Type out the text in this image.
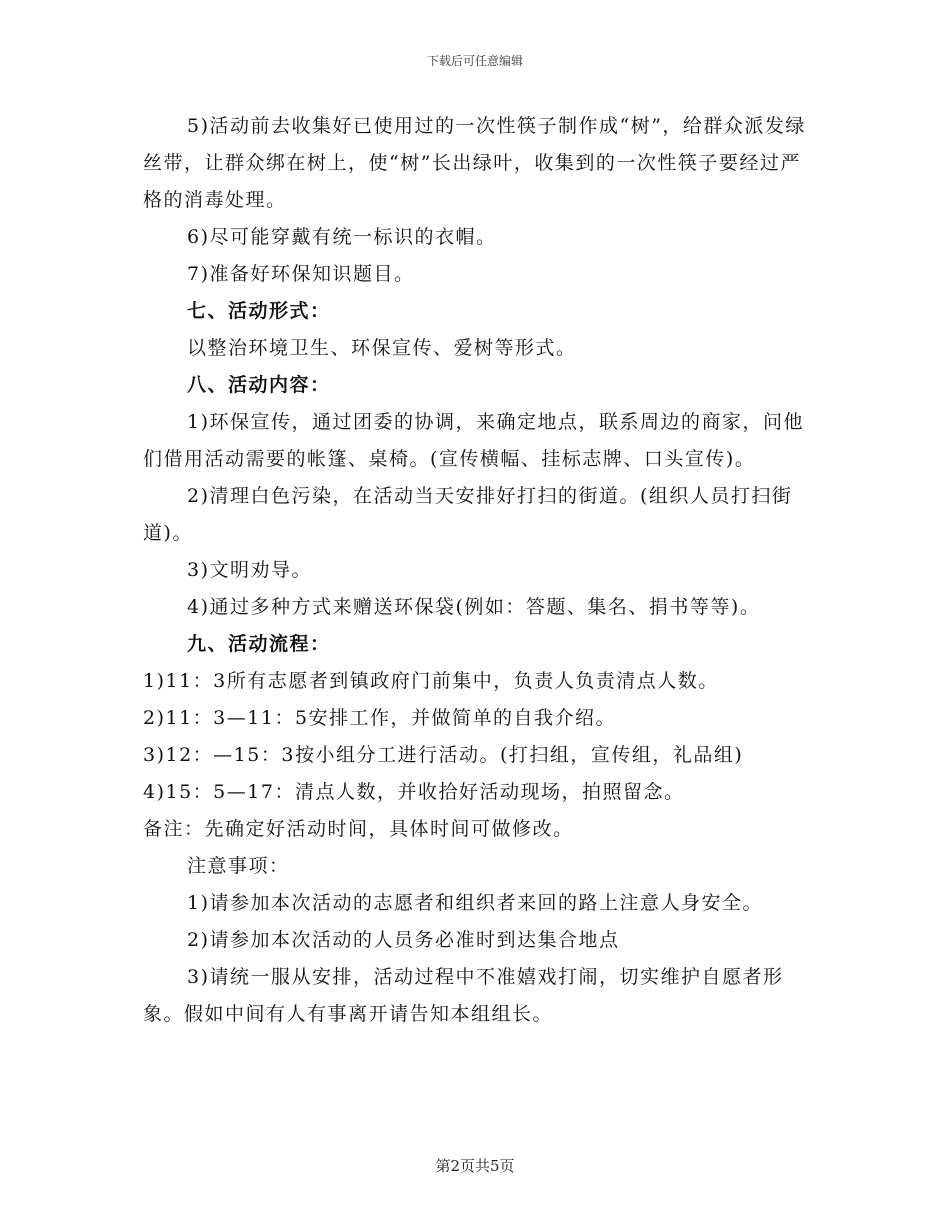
下载后可任意编辑

5)活动前去收集好已使用过的一次性筷子制作成“树”，给群众派发绿丝带，让群众绑在树上，使“树”长出绿叶，收集到的一次性筷子要经过严格的消毒处理。

6)尽可能穿戴有统一标识的衣帽。

7)准备好环保知识题目。

七、活动形式：

以整治环境卫生、环保宣传、爱树等形式。

八、活动内容：

1)环保宣传，通过团委的协调，来确定地点，联系周边的商家，问他们借用活动需要的帐篷、桌椅。(宣传横幅、挂标志牌、口头宣传)。

2)清理白色污染，在活动当天安排好打扫的街道。(组织人员打扫街道)。

3)文明劝导。

4)通过多种方式来赠送环保袋(例如：答题、集名、捐书等等)。

九、活动流程：

1)11：3所有志愿者到镇政府门前集中，负责人负责清点人数。

2)11：3—11：5安排工作，并做简单的自我介绍。

3)12：—15：3按小组分工进行活动。(打扫组，宣传组，礼品组)

4)15：5—17：清点人数，并收拾好活动现场，拍照留念。

备注：先确定好活动时间，具体时间可做修改。

注意事项：

1)请参加本次活动的志愿者和组织者来回的路上注意人身安全。

2)请参加本次活动的人员务必准时到达集合地点

3)请统一服从安排，活动过程中不准嬉戏打闹，切实维护自愿者形象。假如中间有人有事离开请告知本组组长。

第2页共5页
